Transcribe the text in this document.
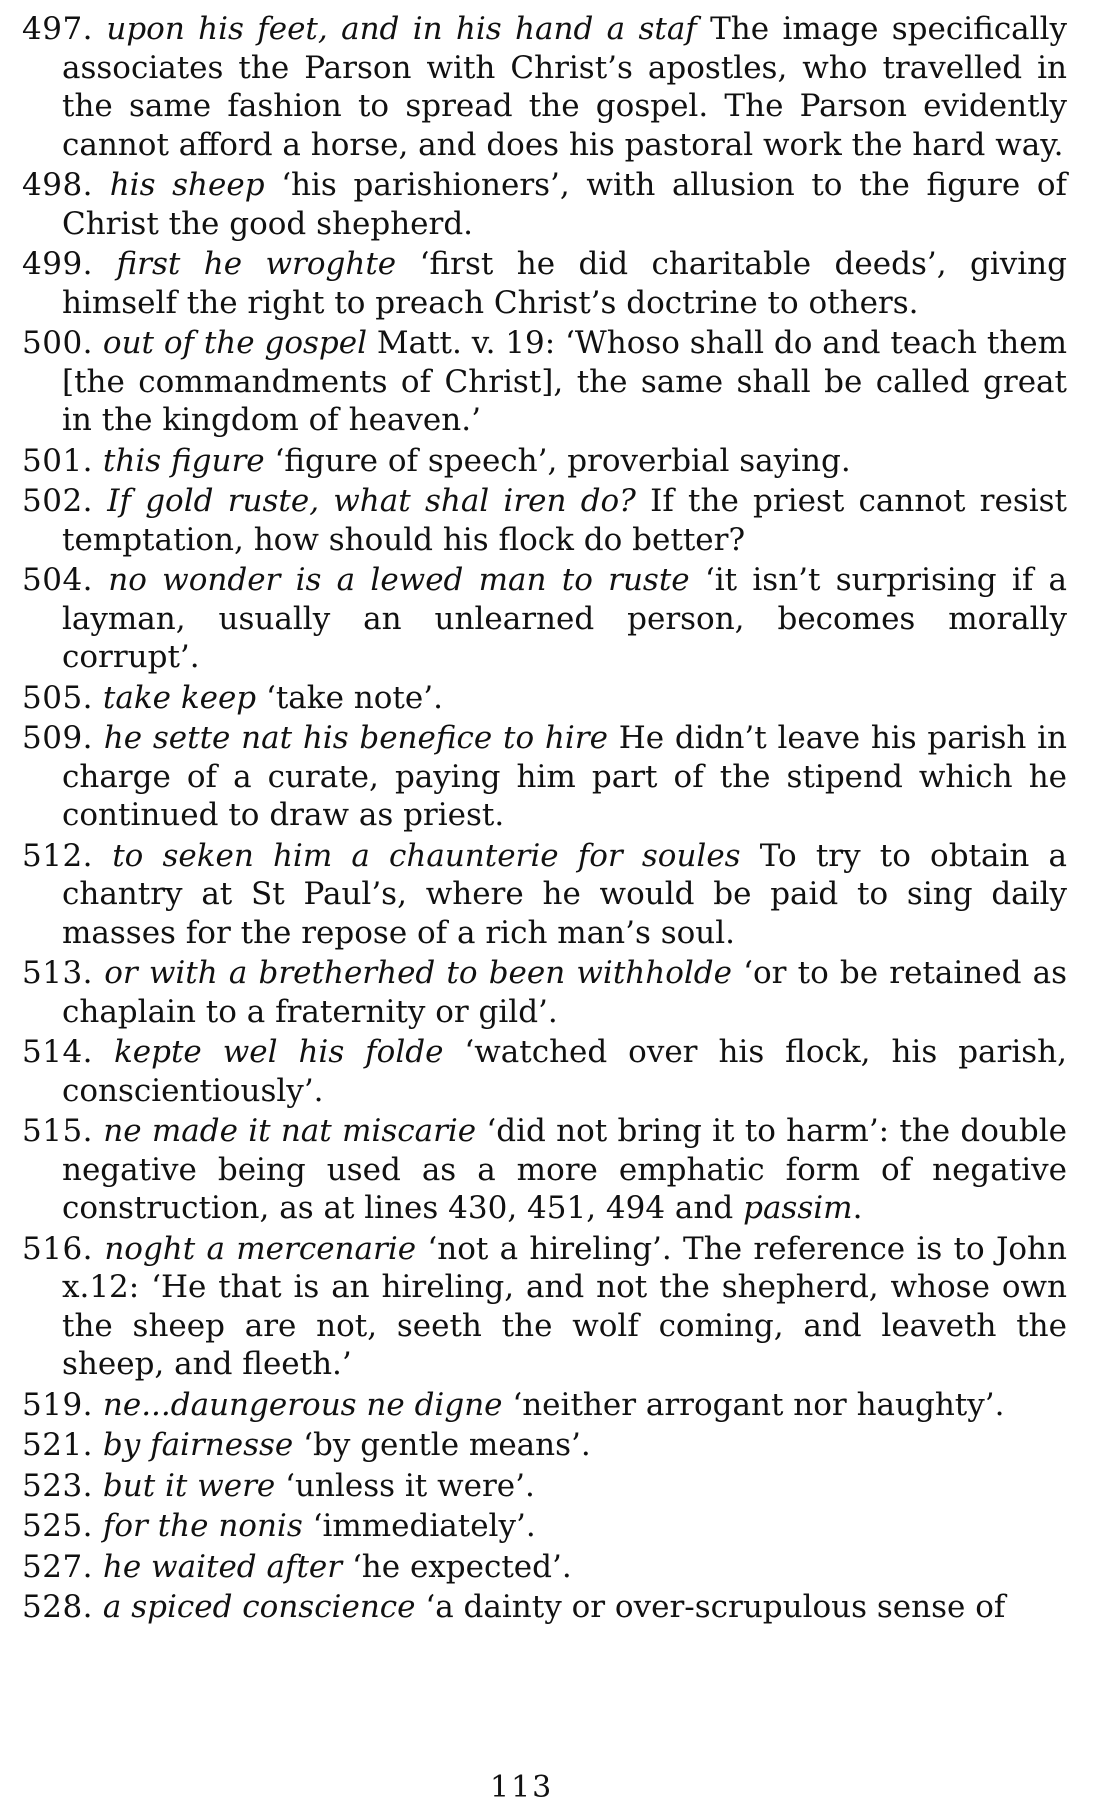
497. upon his feet, and in his hand a staf The image specifically associates the Parson with Christ’s apostles, who travelled in the same fashion to spread the gospel. The Parson evidently cannot afford a horse, and does his pastoral work the hard way.

498. his sheep ‘his parishioners’, with allusion to the figure of Christ the good shepherd.

499. first he wroghte ‘first he did charitable deeds’, giving himself the right to preach Christ’s doctrine to others.

500. out of the gospel Matt. v. 19: ‘Whoso shall do and teach them [the commandments of Christ], the same shall be called great in the kingdom of heaven.’

501. this figure ‘figure of speech’, proverbial saying.

502. If gold ruste, what shal iren do? If the priest cannot resist temptation, how should his flock do better?

504. no wonder is a lewed man to ruste ‘it isn’t surprising if a layman, usually an unlearned person, becomes morally corrupt’.

505. take keep ‘take note’.

509. he sette nat his benefice to hire He didn’t leave his parish in charge of a curate, paying him part of the stipend which he continued to draw as priest.

512. to seken him a chaunterie for soules To try to obtain a chantry at St Paul’s, where he would be paid to sing daily masses for the repose of a rich man’s soul.

513. or with a bretherhed to been withholde ‘or to be retained as chaplain to a fraternity or gild’.

514. kepte wel his folde ‘watched over his flock, his parish, conscientiously’.

515. ne made it nat miscarie ‘did not bring it to harm’: the double negative being used as a more emphatic form of negative construction, as at lines 430, 451, 494 and passim.

516. noght a mercenarie ‘not a hireling’. The reference is to John x.12: ‘He that is an hireling, and not the shepherd, whose own the sheep are not, seeth the wolf coming, and leaveth the sheep, and fleeth.’

519. ne...daungerous ne digne ‘neither arrogant nor haughty’.

521. by fairnesse ‘by gentle means’.

523. but it were ‘unless it were’.

525. for the nonis ‘immediately’.

527. he waited after ‘he expected’.

528. a spiced conscience ‘a dainty or over-scrupulous sense of

113
